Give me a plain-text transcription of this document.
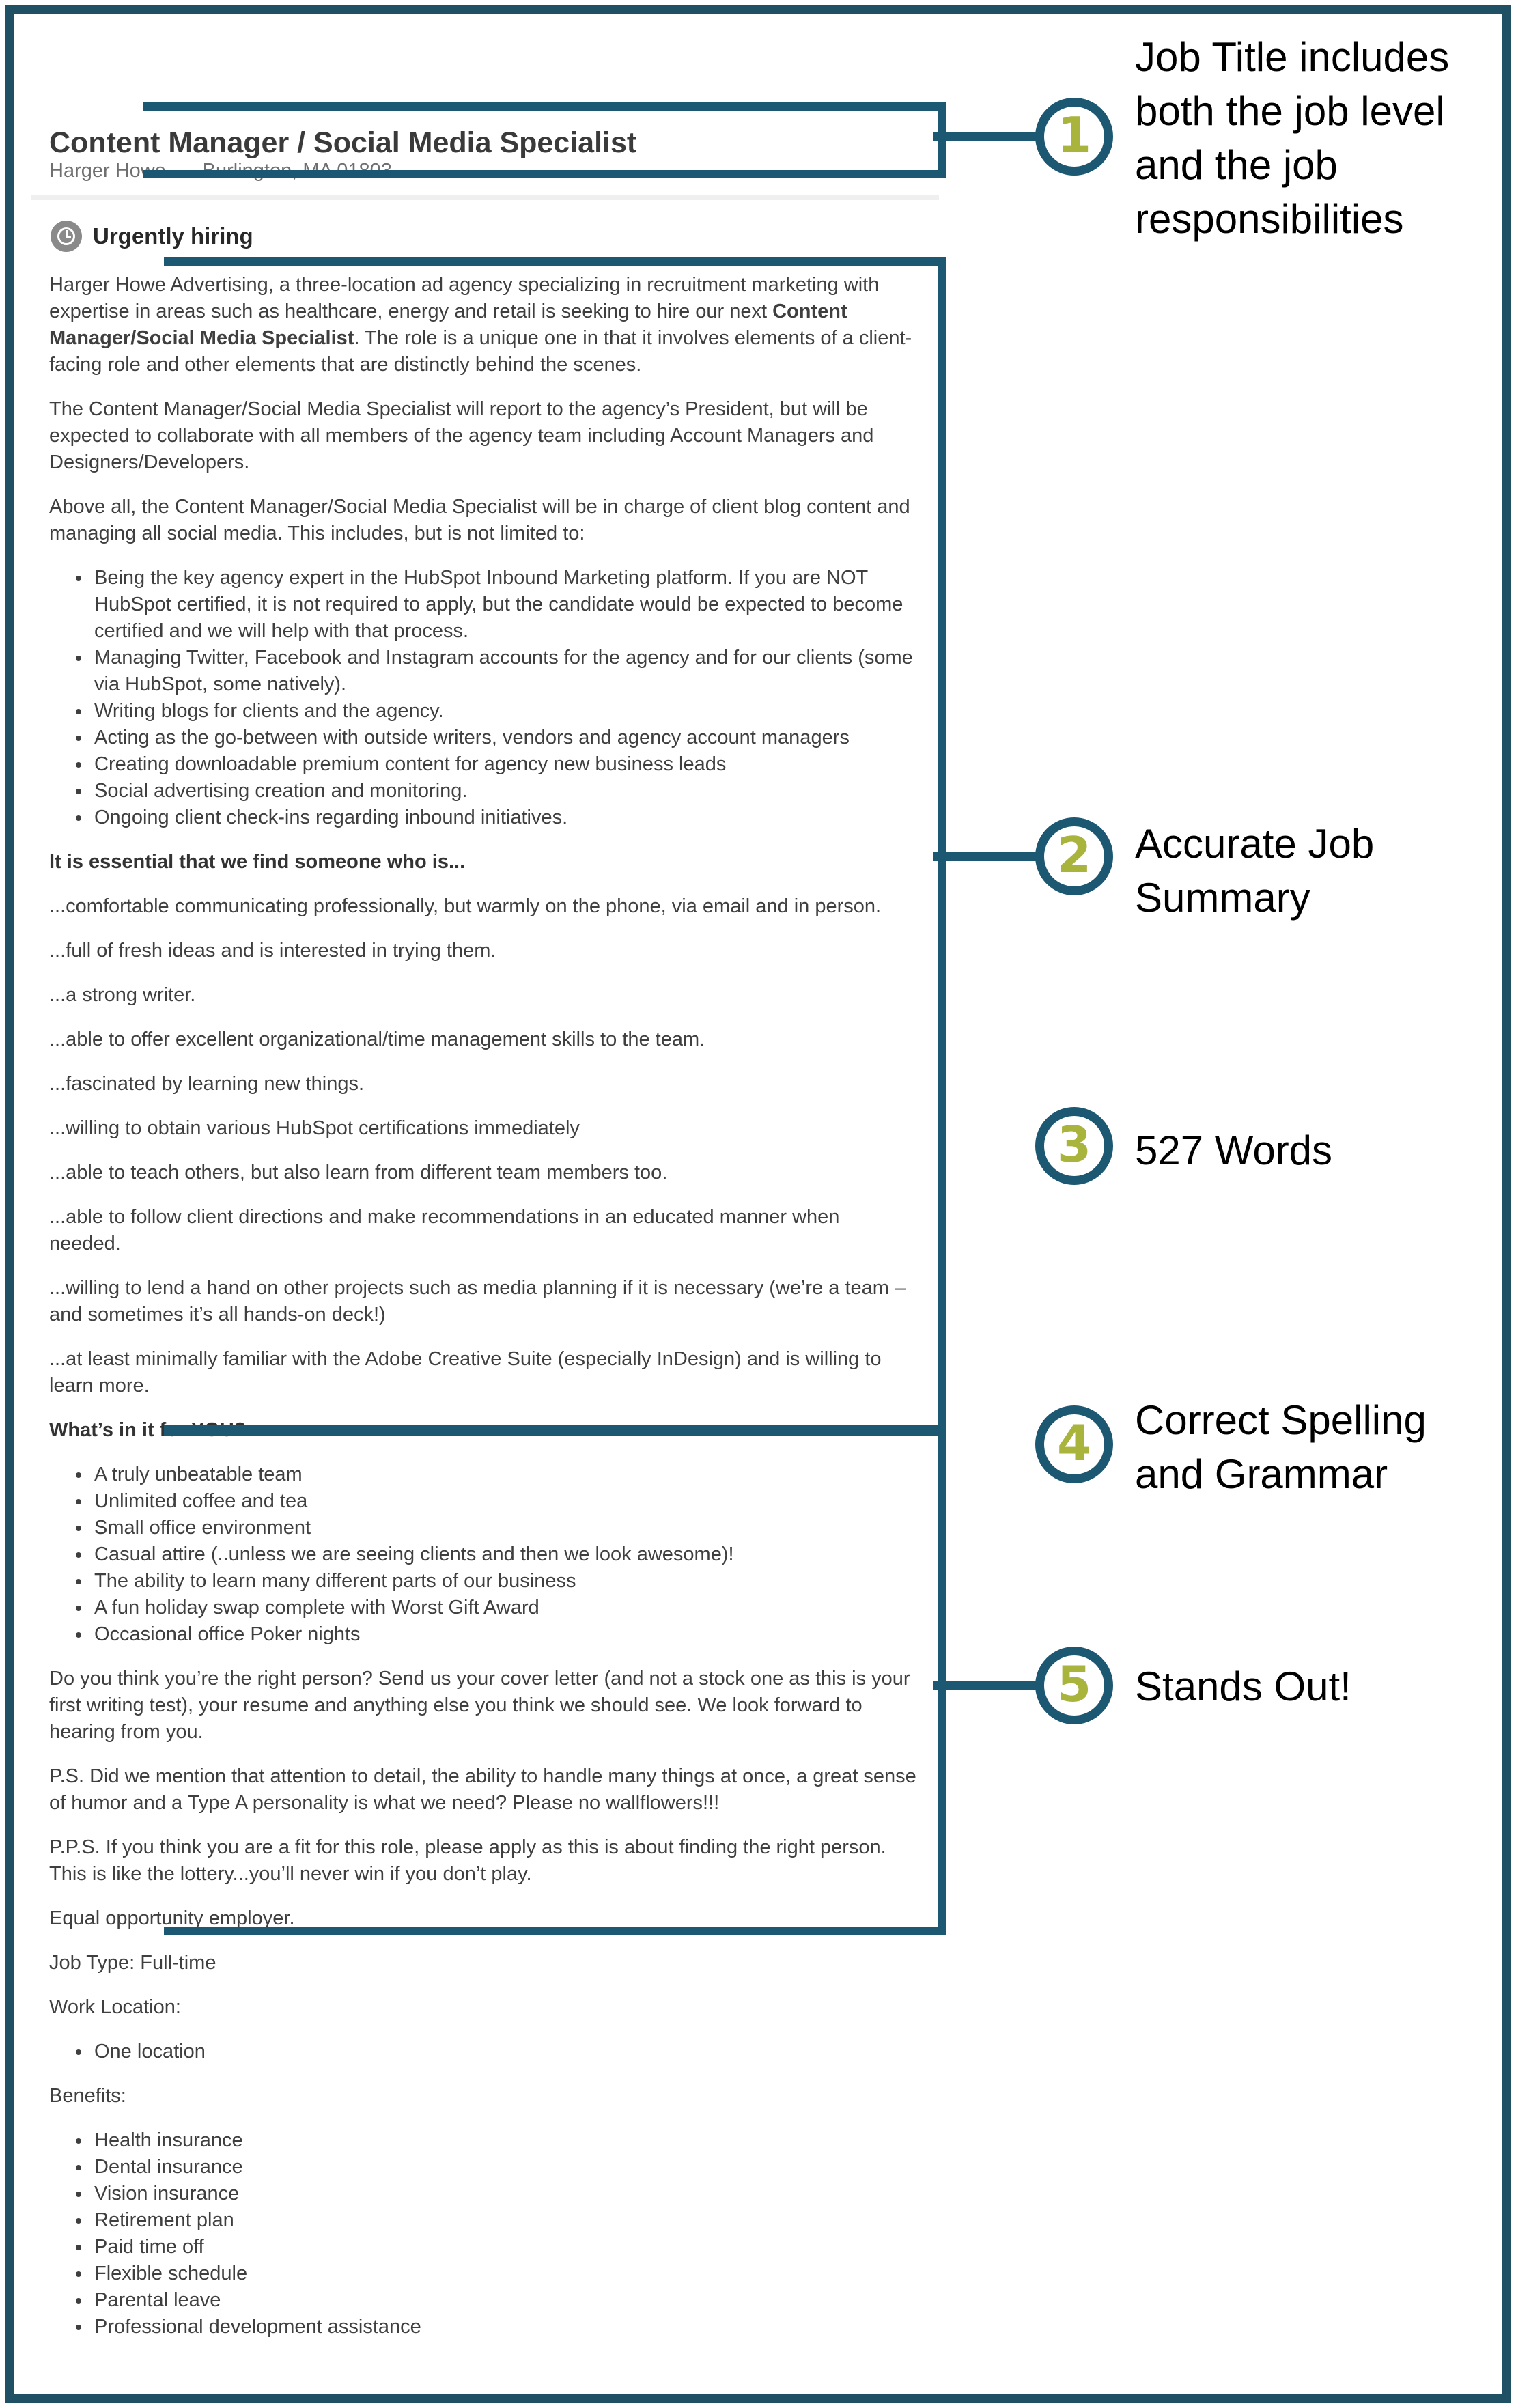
Content Manager / Social Media Specialist
Harger Howe - Burlington, MA 01803
Urgently hiring

Harger Howe Advertising, a three-location ad agency specializing in recruitment marketing with expertise in areas such as healthcare, energy and retail is seeking to hire our next Content Manager/Social Media Specialist. The role is a unique one in that it involves elements of a client-facing role and other elements that are distinctly behind the scenes.

The Content Manager/Social Media Specialist will report to the agency’s President, but will be expected to collaborate with all members of the agency team including Account Managers and Designers/Developers.

Above all, the Content Manager/Social Media Specialist will be in charge of client blog content and managing all social media. This includes, but is not limited to:

• Being the key agency expert in the HubSpot Inbound Marketing platform. If you are NOT HubSpot certified, it is not required to apply, but the candidate would be expected to become certified and we will help with that process.
• Managing Twitter, Facebook and Instagram accounts for the agency and for our clients (some via HubSpot, some natively).
• Writing blogs for clients and the agency.
• Acting as the go-between with outside writers, vendors and agency account managers
• Creating downloadable premium content for agency new business leads
• Social advertising creation and monitoring.
• Ongoing client check-ins regarding inbound initiatives.

It is essential that we find someone who is...

...comfortable communicating professionally, but warmly on the phone, via email and in person.

...full of fresh ideas and is interested in trying them.

...a strong writer.

...able to offer excellent organizational/time management skills to the team.

...fascinated by learning new things.

...willing to obtain various HubSpot certifications immediately

...able to teach others, but also learn from different team members too.

...able to follow client directions and make recommendations in an educated manner when needed.

...willing to lend a hand on other projects such as media planning if it is necessary (we’re a team – and sometimes it’s all hands-on deck!)

...at least minimally familiar with the Adobe Creative Suite (especially InDesign) and is willing to learn more.

What’s in it for YOU?

• A truly unbeatable team
• Unlimited coffee and tea
• Small office environment
• Casual attire (..unless we are seeing clients and then we look awesome)!
• The ability to learn many different parts of our business
• A fun holiday swap complete with Worst Gift Award
• Occasional office Poker nights

Do you think you’re the right person? Send us your cover letter (and not a stock one as this is your first writing test), your resume and anything else you think we should see. We look forward to hearing from you.

P.S. Did we mention that attention to detail, the ability to handle many things at once, a great sense of humor and a Type A personality is what we need? Please no wallflowers!!!

P.P.S. If you think you are a fit for this role, please apply as this is about finding the right person. This is like the lottery...you’ll never win if you don’t play.

Equal opportunity employer.

Job Type: Full-time

Work Location:

• One location

Benefits:

• Health insurance
• Dental insurance
• Vision insurance
• Retirement plan
• Paid time off
• Flexible schedule
• Parental leave
• Professional development assistance
1
2
3
4
5
Job Title includes both the job level and the job responsibilities
Accurate Job Summary
527 Words
Correct Spelling and Grammar
Stands Out!
